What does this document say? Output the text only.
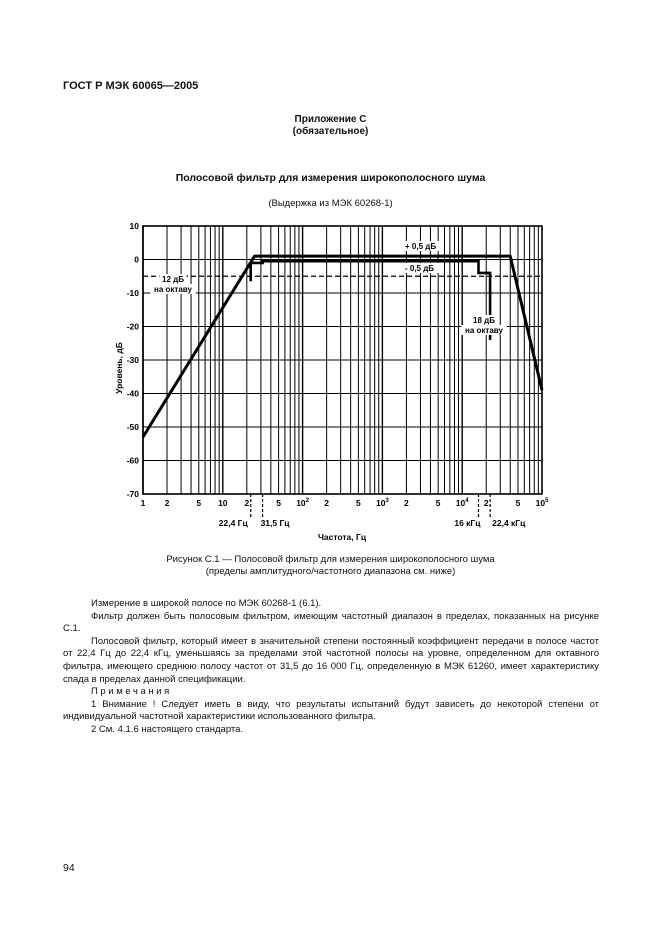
ГОСТ Р МЭК 60065—2005
Приложение С
(обязательное)
Полосовой фильтр для измерения широкополосного шума
(Выдержка из МЭК 60268-1)
10
0
-10
-20
-30
-40
-50
-60
-70
1 2	5 10 2	5 $10^2$ 2	5 $10^3$ 2	5 $10^4$ 2	5 $10^5$
Уровень, дБ
Частота, Гц
22,4 Гц 31,5 Гц	16 кГц 22,4 кГц
+ 0,5 дБ
- 0,5 дБ
12 дБ
на октаву
18 дБ
на октаву
Рисунок С.1 — Полосовой фильтр для измерения широкополосного шума
(пределы амплитудного/частотного диапазона см. ниже)

Измерение в широкой полосе по МЭК 60268-1 (6.1).

Фильтр должен быть полосовым фильтром, имеющим частотный диапазон в пределах, показанных на рисунке С.1.

Полосовой фильтр, который имеет в значительной степени постоянный коэффициент передачи в полосе частот от 22,4 Гц до 22,4 кГц, уменьшаясь за пределами этой частотной полосы на уровне, определенном для октавного фильтра, имеющего среднюю полосу частот от 31,5 до 16 000 Гц, определенную в МЭК 61260, имеет характеристику спада в пределах данной спецификации.

Примечания

1 Внимание ! Следует иметь в виду, что результаты испытаний будут зависеть до некоторой степени от индивидуальной частотной характеристики использованного фильтра.

2 См. 4.1.6 настоящего стандарта.

94
